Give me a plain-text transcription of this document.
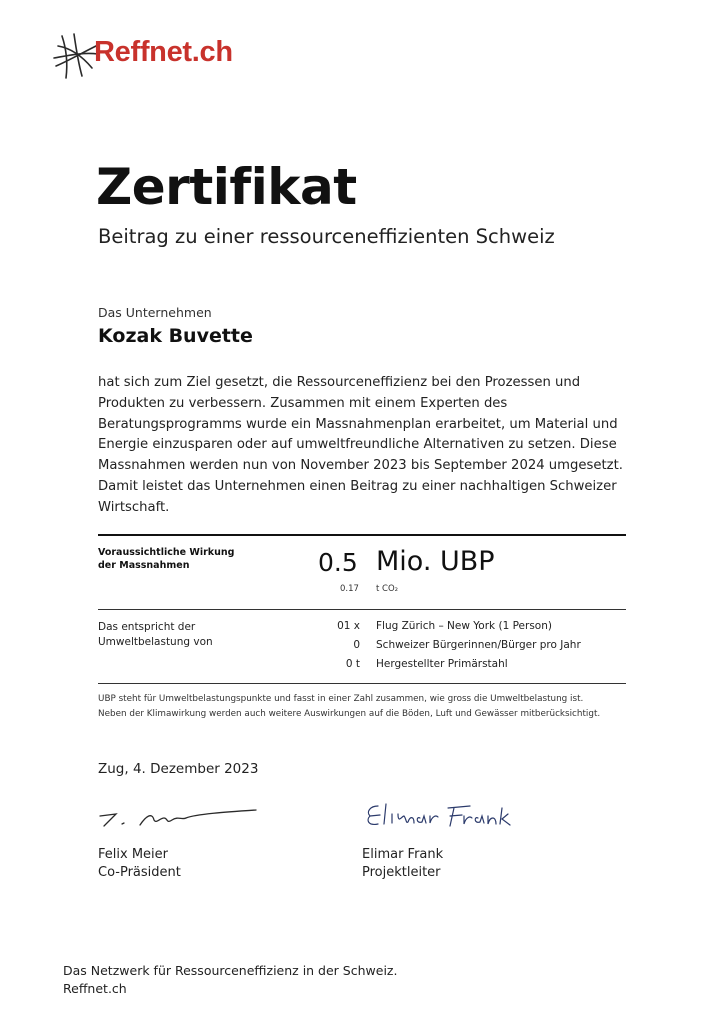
Reffnet.ch
Zertifikat
Beitrag zu einer ressourceneffizienten Schweiz
Das Unternehmen
Kozak Buvette
hat sich zum Ziel gesetzt, die Ressourceneffizienz bei den Prozessen und Produkten zu verbessern. Zusammen mit einem Experten des Beratungsprogramms wurde ein Massnahmenplan erarbeitet, um Material und Energie einzusparen oder auf umweltfreundliche Alternativen zu setzen. Diese Massnahmen werden nun von November 2023 bis September 2024 umgesetzt. Damit leistet das Unternehmen einen Beitrag zu einer nachhaltigen Schweizer Wirtschaft.
Voraussichtliche Wirkung
der Massnahmen	0.5 Mio. UBP
0.17 t CO₂
Das entspricht der
Umweltbelastung von
01 x Flug Zürich – New York (1 Person)
0 Schweizer Bürgerinnen/Bürger pro Jahr
0 t Hergestellter Primärstahl
UBP steht für Umweltbelastungspunkte und fasst in einer Zahl zusammen, wie gross die Umweltbelastung ist.
Neben der Klimawirkung werden auch weitere Auswirkungen auf die Böden, Luft und Gewässer mitberücksichtigt.
Zug, 4. Dezember 2023
Felix Meier
Co-Präsident
Elimar Frank
Projektleiter
Das Netzwerk für Ressourceneffizienz in der Schweiz.
Reffnet.ch
